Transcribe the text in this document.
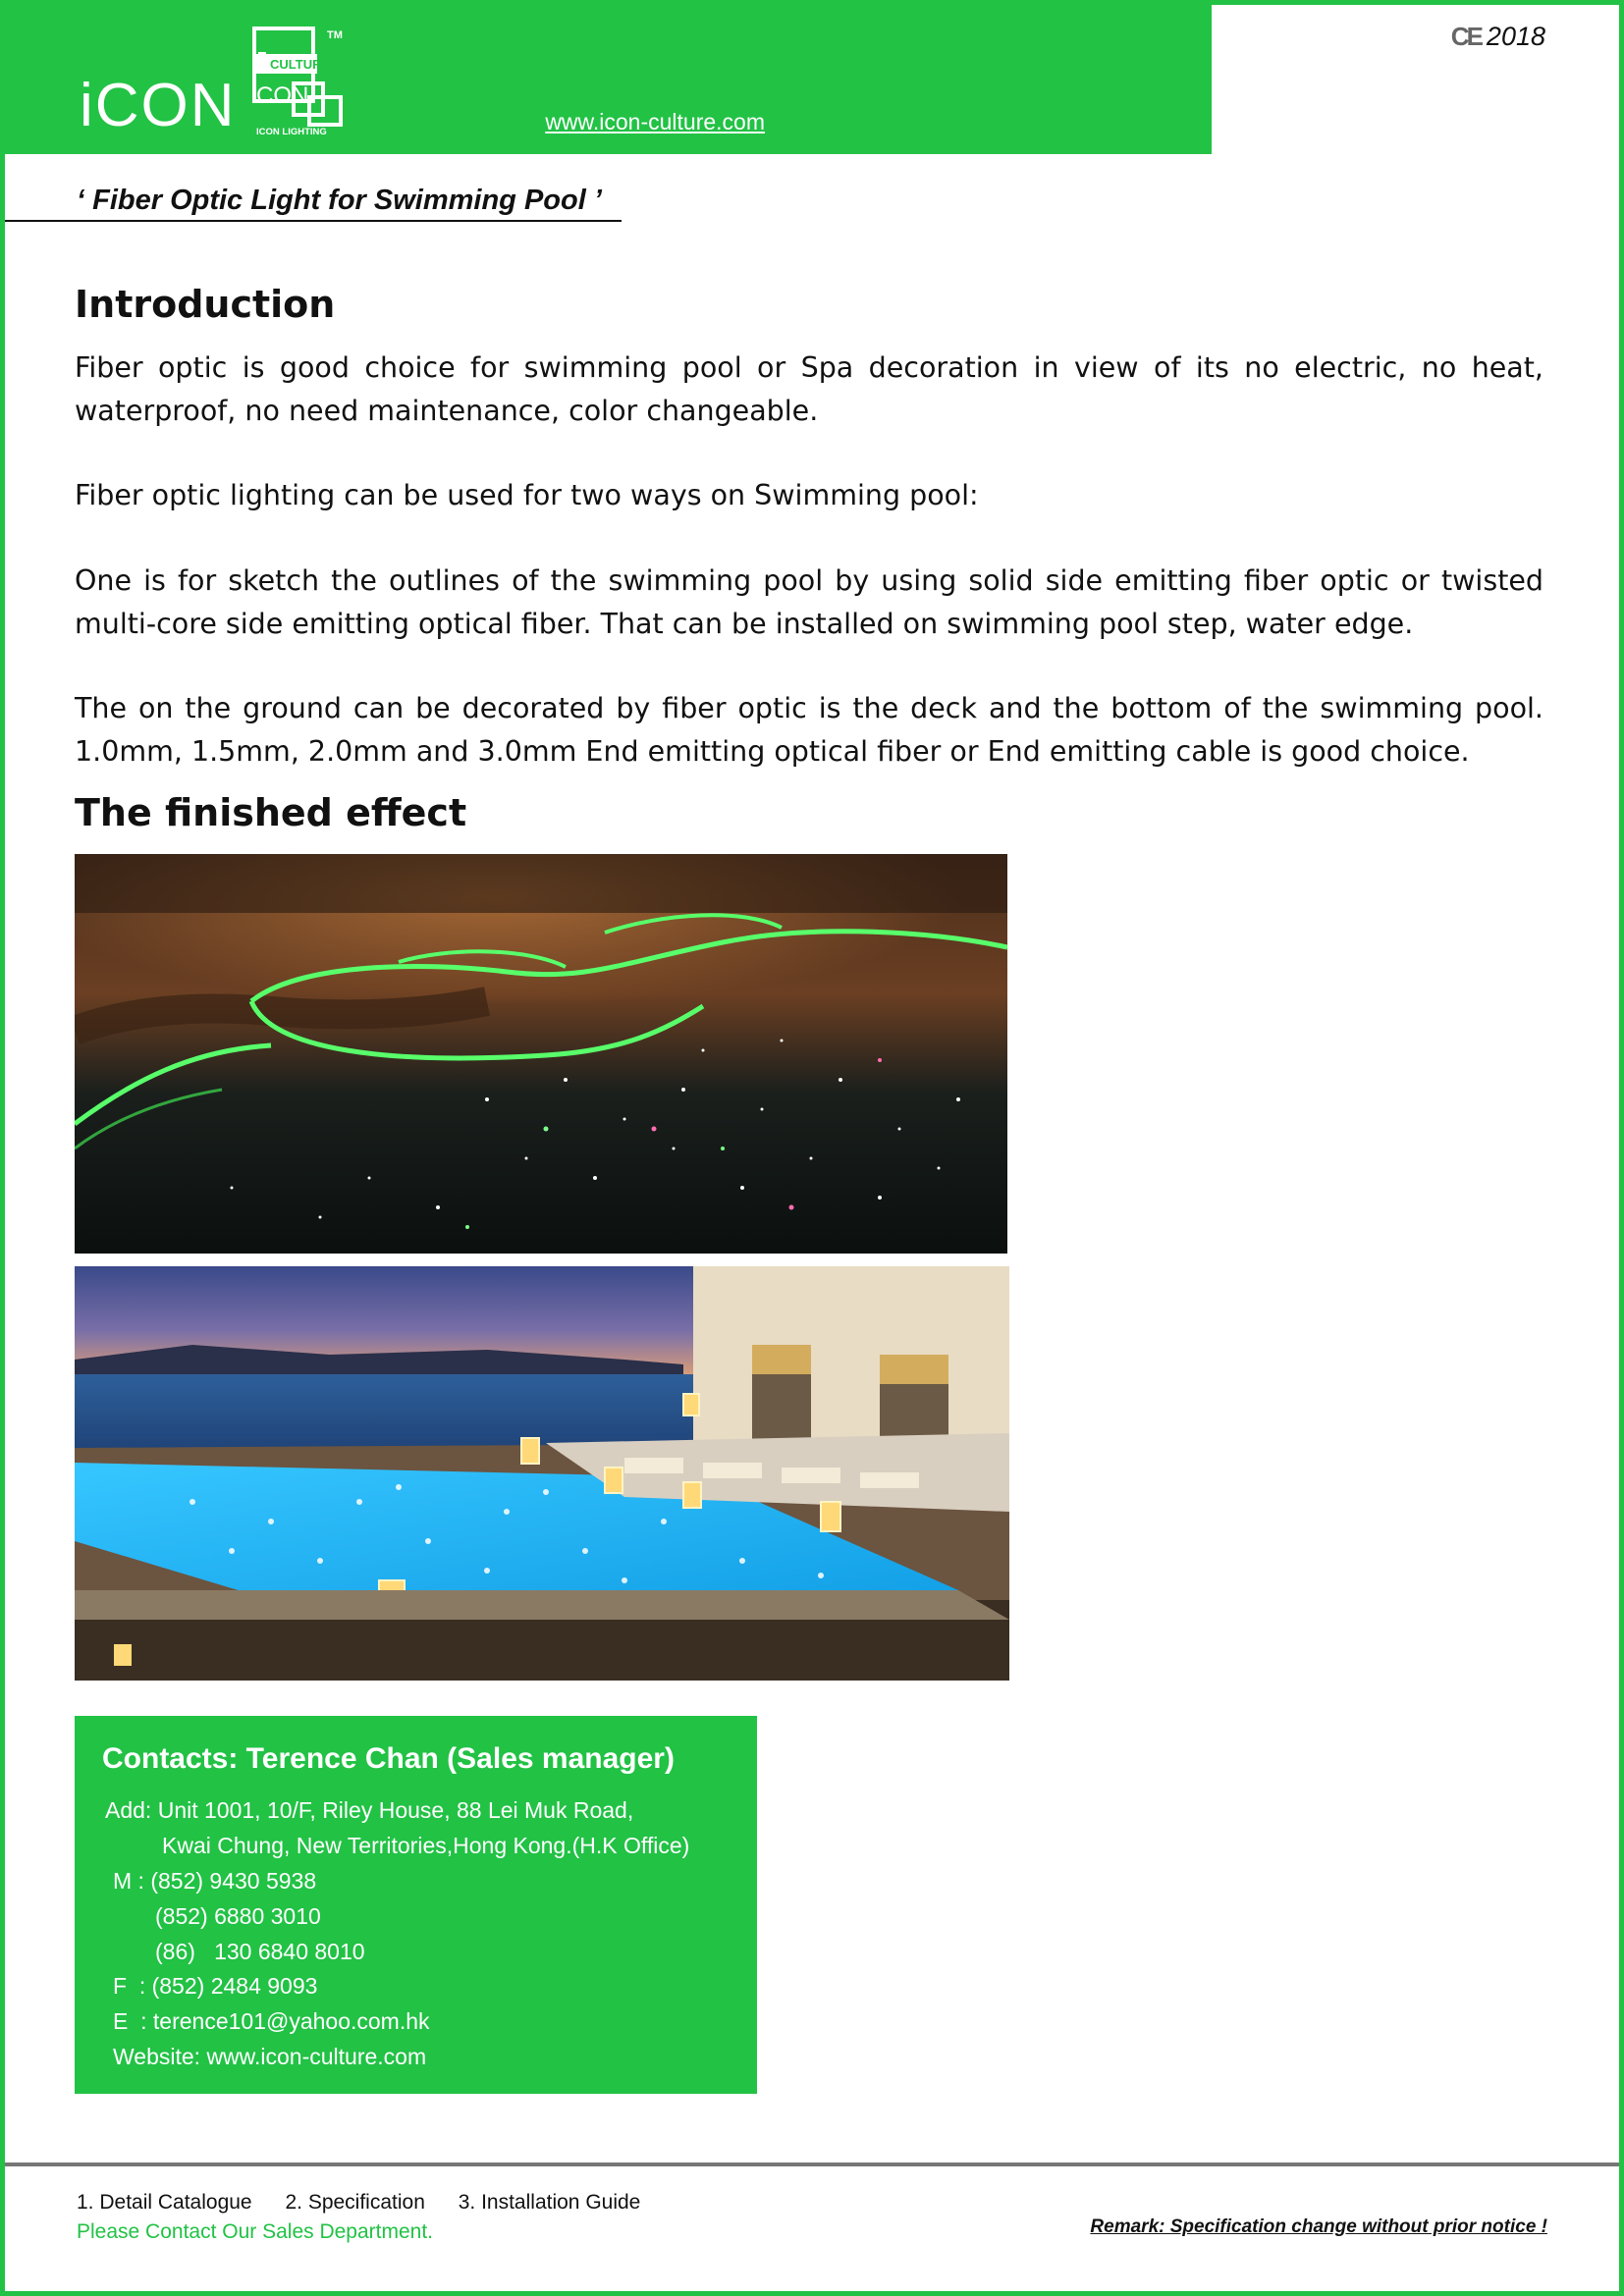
iCON
CULTURE
CON
TM
ICON LIGHTING	www.icon-culture.com
CE 2018
‘ Fiber Optic Light for Swimming Pool ’
Introduction

Fiber optic is good choice for swimming pool or Spa decoration in view of its no electric, no heat, waterproof, no need maintenance, color changeable.

Fiber optic lighting can be used for two ways on Swimming pool:

One is for sketch the outlines of the swimming pool by using solid side emitting fiber optic or twisted multi-core side emitting optical fiber. That can be installed on swimming pool step, water edge.

The on the ground can be decorated by fiber optic is the deck and the bottom of the swimming pool. 1.0mm, 1.5mm, 2.0mm and 3.0mm End emitting optical fiber or End emitting cable is good choice.

The finished effect
Contacts: Terence Chan (Sales manager)
Add: Unit 1001, 10/F, Riley House, 88 Lei Muk Road,
Kwai Chung, New Territories,Hong Kong.(H.K Office)
M : (852) 9430 5938
(852) 6880 3010
(86)   130 6840 8010
F  : (852) 2484 9093
E  : terence101@yahoo.com.hk
Website: www.icon-culture.com
1. Detail Catalogue 2. Specification 3. Installation Guide
Please Contact Our Sales Department.	Remark: Specification change without prior notice !
